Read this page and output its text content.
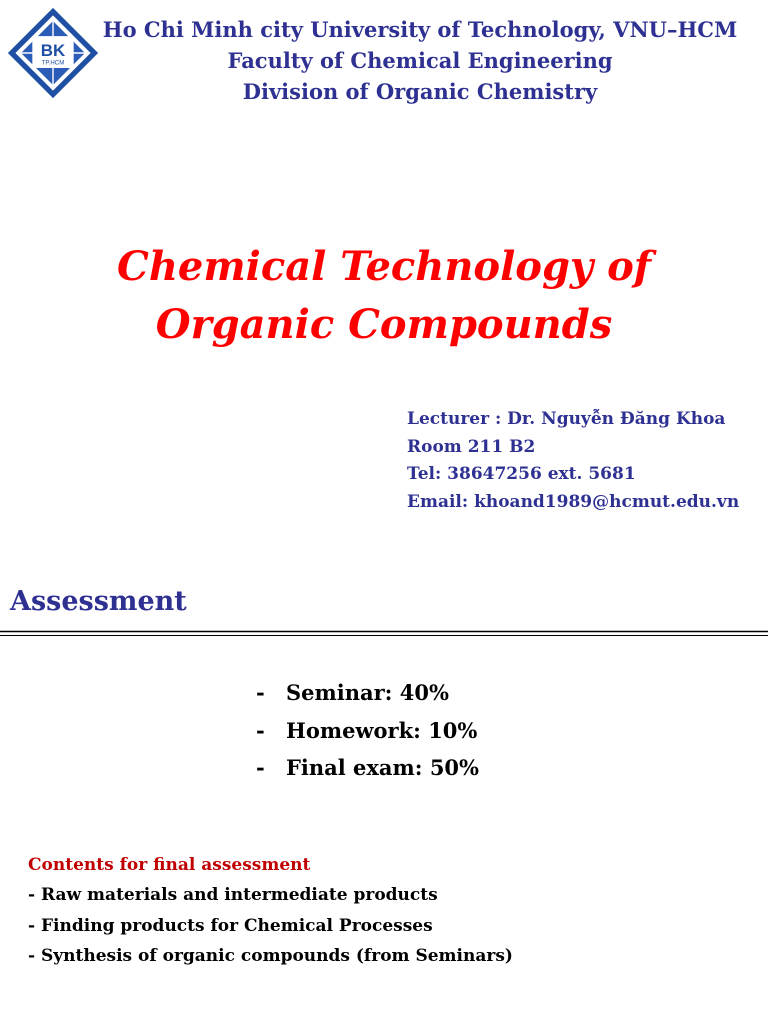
BK
TP.HCM
Ho Chi Minh city University of Technology, VNU–HCM
Faculty of Chemical Engineering
Division of Organic Chemistry
Chemical Technology of
Organic Compounds
Lecturer : Dr. Nguyễn Đăng Khoa
Room 211 B2
Tel: 38647256 ext. 5681
Email: khoand1989@hcmut.edu.vn
Assessment
- Seminar: 40%
- Homework: 10%
- Final exam: 50%
Contents for final assessment
- Raw materials and intermediate products
- Finding products for Chemical Processes
- Synthesis of organic compounds (from Seminars)
